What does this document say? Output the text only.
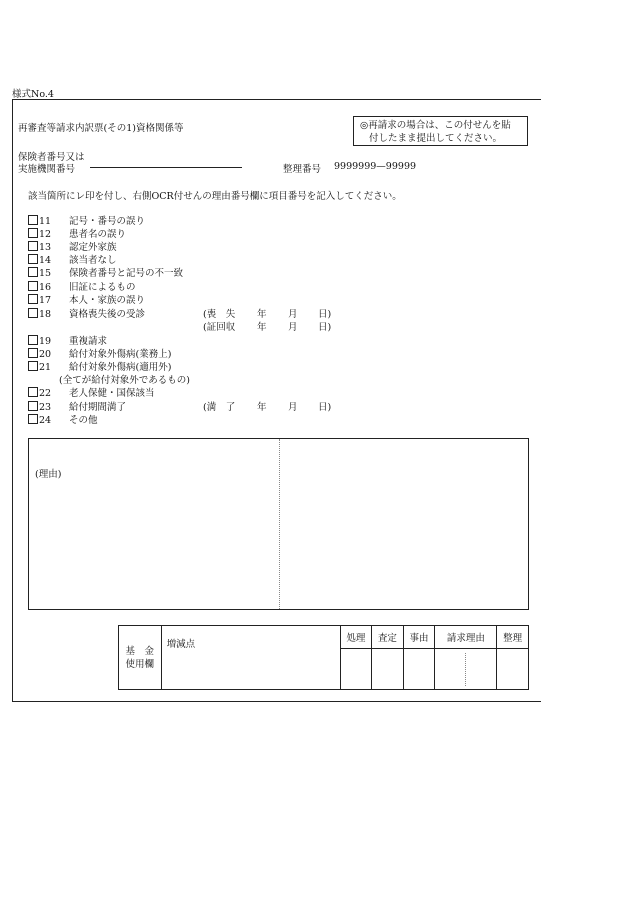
様式No.4
再審査等請求内訳票(その1)資格関係等	◎再請求の場合は、この付せんを貼
付したまま提出してください。
保険者番号又は
実施機関番号	整理番号 9999999—99999
該当箇所にレ印を付し、右側OCR付せんの理由番号欄に項目番号を記入してください。
11 記号・番号の誤り
12 患者名の誤り
13 認定外家族
14 該当者なし
15 保険者番号と記号の不一致
16 旧証によるもの
17 本人・家族の誤り
18 資格喪失後の受診
19 重複請求
20 給付対象外傷病(業務上)
21 給付対象外傷病(適用外)
(全てが給付対象外であるもの)
22 老人保健・国保該当
23 給付期間満了
24 その他
(喪　失 年 月 日)
(証回収 年 月 日)
(満　了 年 月 日)
(理由)
基　金
使用欄	増減点	処理	査定	事由	請求理由	整理
